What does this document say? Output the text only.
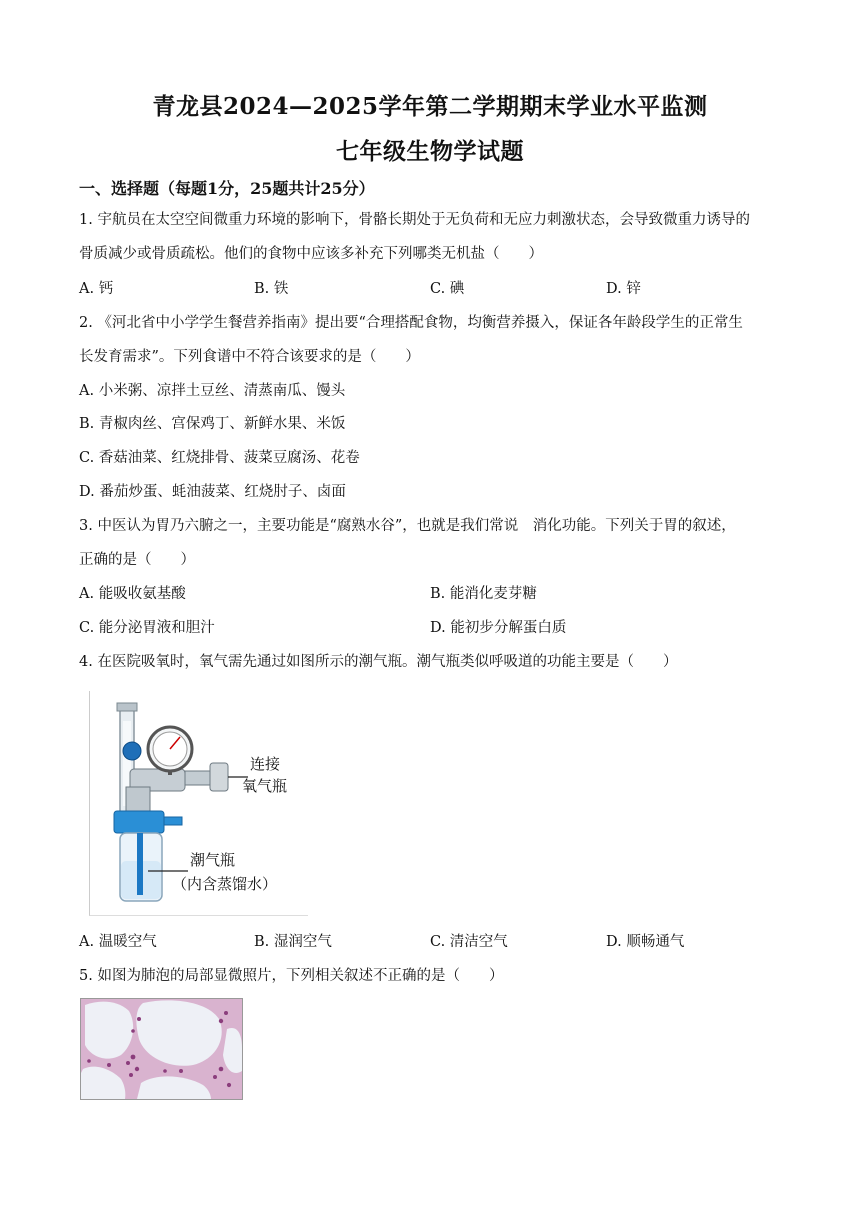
青龙县2024—2025学年第二学期期末学业水平监测
七年级生物学试题
一、选择题（每题1分，25题共计25分）
1. 宇航员在太空空间微重力环境的影响下，骨骼长期处于无负荷和无应力刺激状态，会导致微重力诱导的
骨质减少或骨质疏松。他们的食物中应该多补充下列哪类无机盐（　　）
A. 钙	B. 铁	C. 碘	D. 锌
2. 《河北省中小学学生餐营养指南》提出要“合理搭配食物，均衡营养摄入，保证各年龄段学生的正常生
长发育需求”。下列食谱中不符合该要求的是（　　）
A. 小米粥、凉拌土豆丝、清蒸南瓜、馒头
B. 青椒肉丝、宫保鸡丁、新鲜水果、米饭
C. 香菇油菜、红烧排骨、菠菜豆腐汤、花卷
D. 番茄炒蛋、蚝油菠菜、红烧肘子、卤面
3. 中医认为胃乃六腑之一，主要功能是“腐熟水谷”，也就是我们常说　消化功能。下列关于胃的叙述，
正确的是（　　）
A. 能吸收氨基酸	B. 能消化麦芽糖
C. 能分泌胃液和胆汁	D. 能初步分解蛋白质
4. 在医院吸氧时，氧气需先通过如图所示的潮气瓶。潮气瓶类似呼吸道的功能主要是（　　）
连接
氧气瓶
潮气瓶
（内含蒸馏水）
A. 温暖空气	B. 湿润空气	C. 清洁空气	D. 顺畅通气
5. 如图为肺泡的局部显微照片，下列相关叙述不正确的是（　　）
